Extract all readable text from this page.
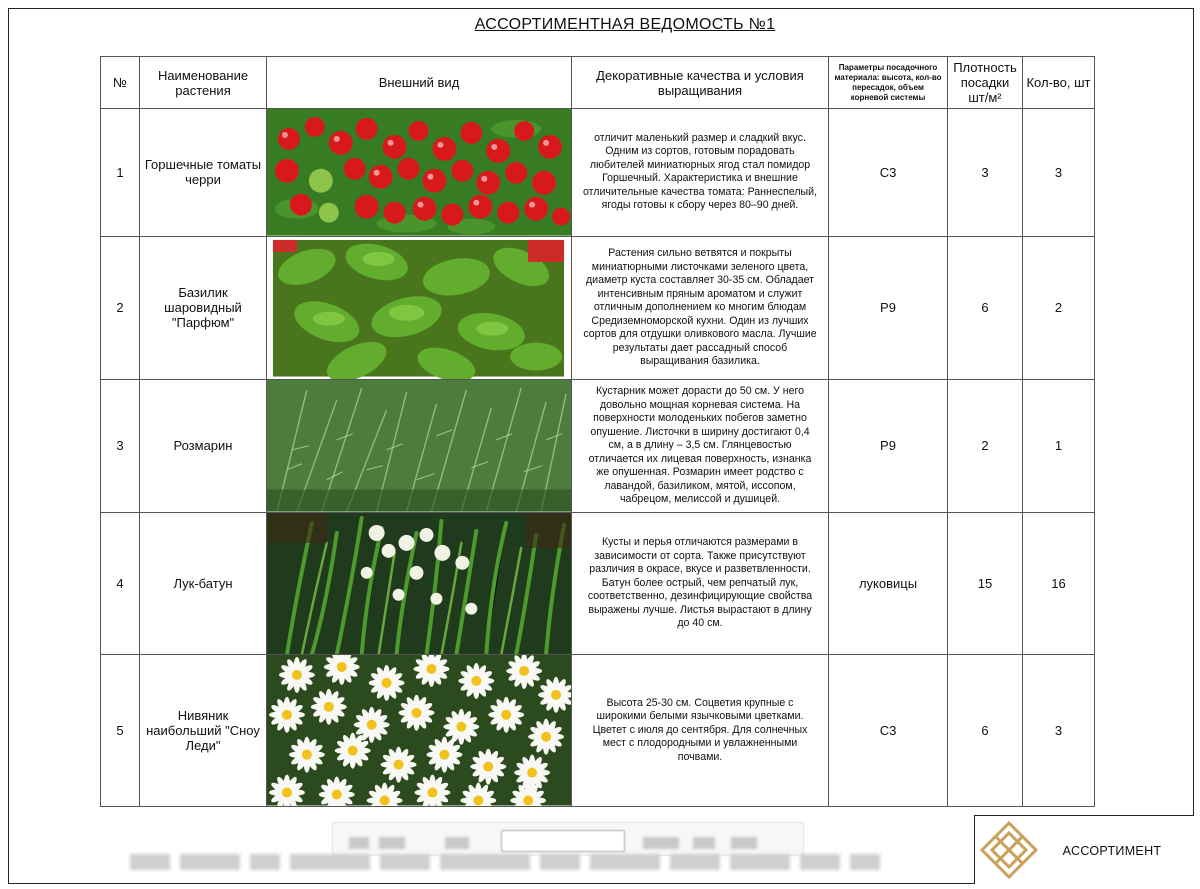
АССОРТИМЕНТНАЯ ВЕДОМОСТЬ №1
№	Наименование растения	Внешний вид	Декоративные качества и условия выращивания	Параметры посадочного материала: высота, кол-во пересадок, объем корневой системы	Плотность посадки шт/м²	Кол-во, шт
1	Горшечные томаты черри		отличит маленький размер и сладкий вкус. Одним из сортов, готовым порадовать любителей миниатюрных ягод стал помидор Горшечный. Характеристика и внешние отличительные качества томата: Раннеспелый, ягоды готовы к сбору через 80–90 дней.	С3	3	3
2	Базилик шаровидный "Парфюм"		Растения сильно ветвятся и покрыты миниатюрными листочками зеленого цвета, диаметр куста составляет 30-35 см. Обладает интенсивным пряным ароматом и служит отличным дополнением ко многим блюдам Средиземноморской кухни. Один из лучших сортов для отдушки оливкового масла. Лучшие результаты дает рассадный способ выращивания базилика.	Р9	6	2
3	Розмарин		Кустарник может дорасти до 50 см. У него довольно мощная корневая система. На поверхности молоденьких побегов заметно опушение. Листочки в ширину достигают 0,4 см, а в длину – 3,5 см. Глянцевостью отличается их лицевая поверхность, изнанка же опушенная. Розмарин имеет родство с лавандой, базиликом, мятой, иссопом, чабрецом, мелиссой и душицей.	Р9	2	1
4	Лук-батун		Кусты и перья отличаются размерами в зависимости от сорта. Также присутствуют различия в окрасе, вкусе и разветвленности. Батун более острый, чем репчатый лук, соответственно, дезинфицирующие свойства выражены лучше. Листья вырастают в длину до 40 см.	луковицы	15	16
5	Нивяник наибольший "Сноу Леди"		Высота 25-30 см. Соцветия крупные с широкими белыми язычковыми цветками. Цветет с июля до сентября. Для солнечных мест с плодородными и увлажненными почвами.	С3	6	3
АССОРТИМЕНТ
